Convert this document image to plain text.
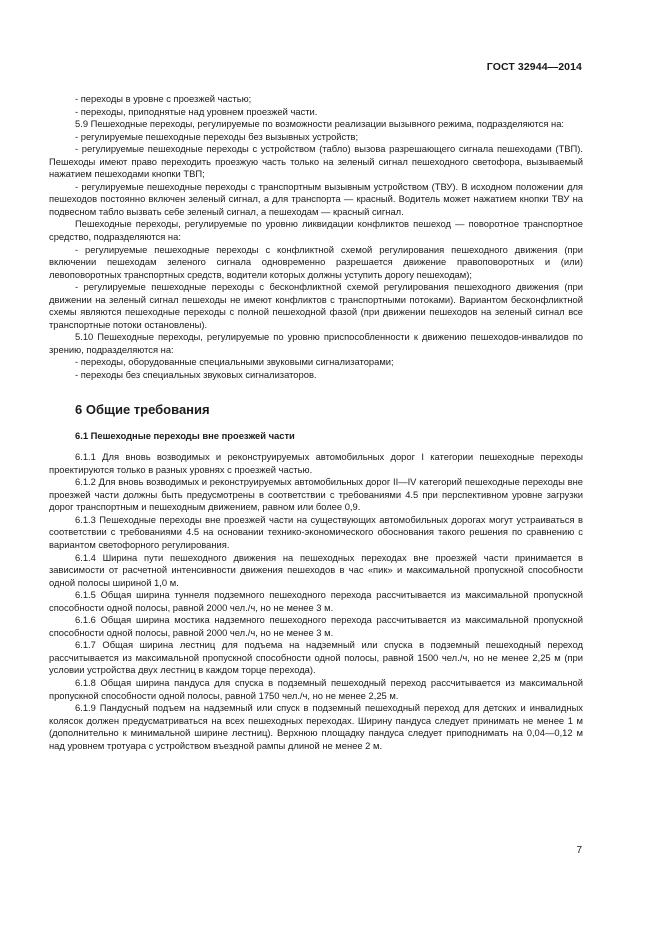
ГОСТ 32944—2014

- переходы в уровне с проезжей частью;

- переходы, приподнятые над уровнем проезжей части.

5.9 Пешеходные переходы, регулируемые по возможности реализации вызывного режима, подразделяются на:

- регулируемые пешеходные переходы без вызывных устройств;

- регулируемые пешеходные переходы с устройством (табло) вызова разрешающего сигнала пешеходами (ТВП). Пешеходы имеют право переходить проезжую часть только на зеленый сигнал пешеходного светофора, вызываемый нажатием пешеходами кнопки ТВП;

- регулируемые пешеходные переходы с транспортным вызывным устройством (ТВУ). В исходном положении для пешеходов постоянно включен зеленый сигнал, а для транспорта — красный. Водитель может нажатием кнопки ТВУ на подвесном табло вызвать себе зеленый сигнал, а пешеходам — красный сигнал.

Пешеходные переходы, регулируемые по уровню ликвидации конфликтов пешеход — поворотное транспортное средство, подразделяются на:

- регулируемые пешеходные переходы с конфликтной схемой регулирования пешеходного движения (при включении пешеходам зеленого сигнала одновременно разрешается движение правоповоротных и (или) левоповоротных транспортных средств, водители которых должны уступить дорогу пешеходам);

- регулируемые пешеходные переходы с бесконфликтной схемой регулирования пешеходного движения (при движении на зеленый сигнал пешеходы не имеют конфликтов с транспортными потоками). Вариантом бесконфликтной схемы являются пешеходные переходы с полной пешеходной фазой (при движении пешеходов на зеленый сигнал все транспортные потоки остановлены).

5.10 Пешеходные переходы, регулируемые по уровню приспособленности к движению пешеходов-инвалидов по зрению, подразделяются на:

- переходы, оборудованные специальными звуковыми сигнализаторами;

- переходы без специальных звуковых сигнализаторов.

6 Общие требования

6.1 Пешеходные переходы вне проезжей части

6.1.1 Для вновь возводимых и реконструируемых автомобильных дорог I категории пешеходные переходы проектируются только в разных уровнях с проезжей частью.

6.1.2 Для вновь возводимых и реконструируемых автомобильных дорог II—IV категорий пешеходные переходы вне проезжей части должны быть предусмотрены в соответствии с требованиями 4.5 при перспективном уровне загрузки дорог транспортным и пешеходным движением, равном или более 0,9.

6.1.3 Пешеходные переходы вне проезжей части на существующих автомобильных дорогах могут устраиваться в соответствии с требованиями 4.5 на основании технико-экономического обоснования такого решения по сравнению с вариантом светофорного регулирования.

6.1.4 Ширина пути пешеходного движения на пешеходных переходах вне проезжей части принимается в зависимости от расчетной интенсивности движения пешеходов в час «пик» и максимальной пропускной способности одной полосы шириной 1,0 м.

6.1.5 Общая ширина туннеля подземного пешеходного перехода рассчитывается из максимальной пропускной способности одной полосы, равной 2000 чел./ч, но не менее 3 м.

6.1.6 Общая ширина мостика надземного пешеходного перехода рассчитывается из максимальной пропускной способности одной полосы, равной 2000 чел./ч, но не менее 3 м.

6.1.7 Общая ширина лестниц для подъема на надземный или спуска в подземный пешеходный переход рассчитывается из максимальной пропускной способности одной полосы, равной 1500 чел./ч, но не менее 2,25 м (при условии устройства двух лестниц в каждом торце перехода).

6.1.8 Общая ширина пандуса для спуска в подземный пешеходный переход рассчитывается из максимальной пропускной способности одной полосы, равной 1750 чел./ч, но не менее 2,25 м.

6.1.9 Пандусный подъем на надземный или спуск в подземный пешеходный переход для детских и инвалидных колясок должен предусматриваться на всех пешеходных переходах. Ширину пандуса следует принимать не менее 1 м (дополнительно к минимальной ширине лестниц). Верхнюю площадку пандуса следует приподнимать на 0,04—0,12 м над уровнем тротуара с устройством въездной рампы длиной не менее 2 м.

7
